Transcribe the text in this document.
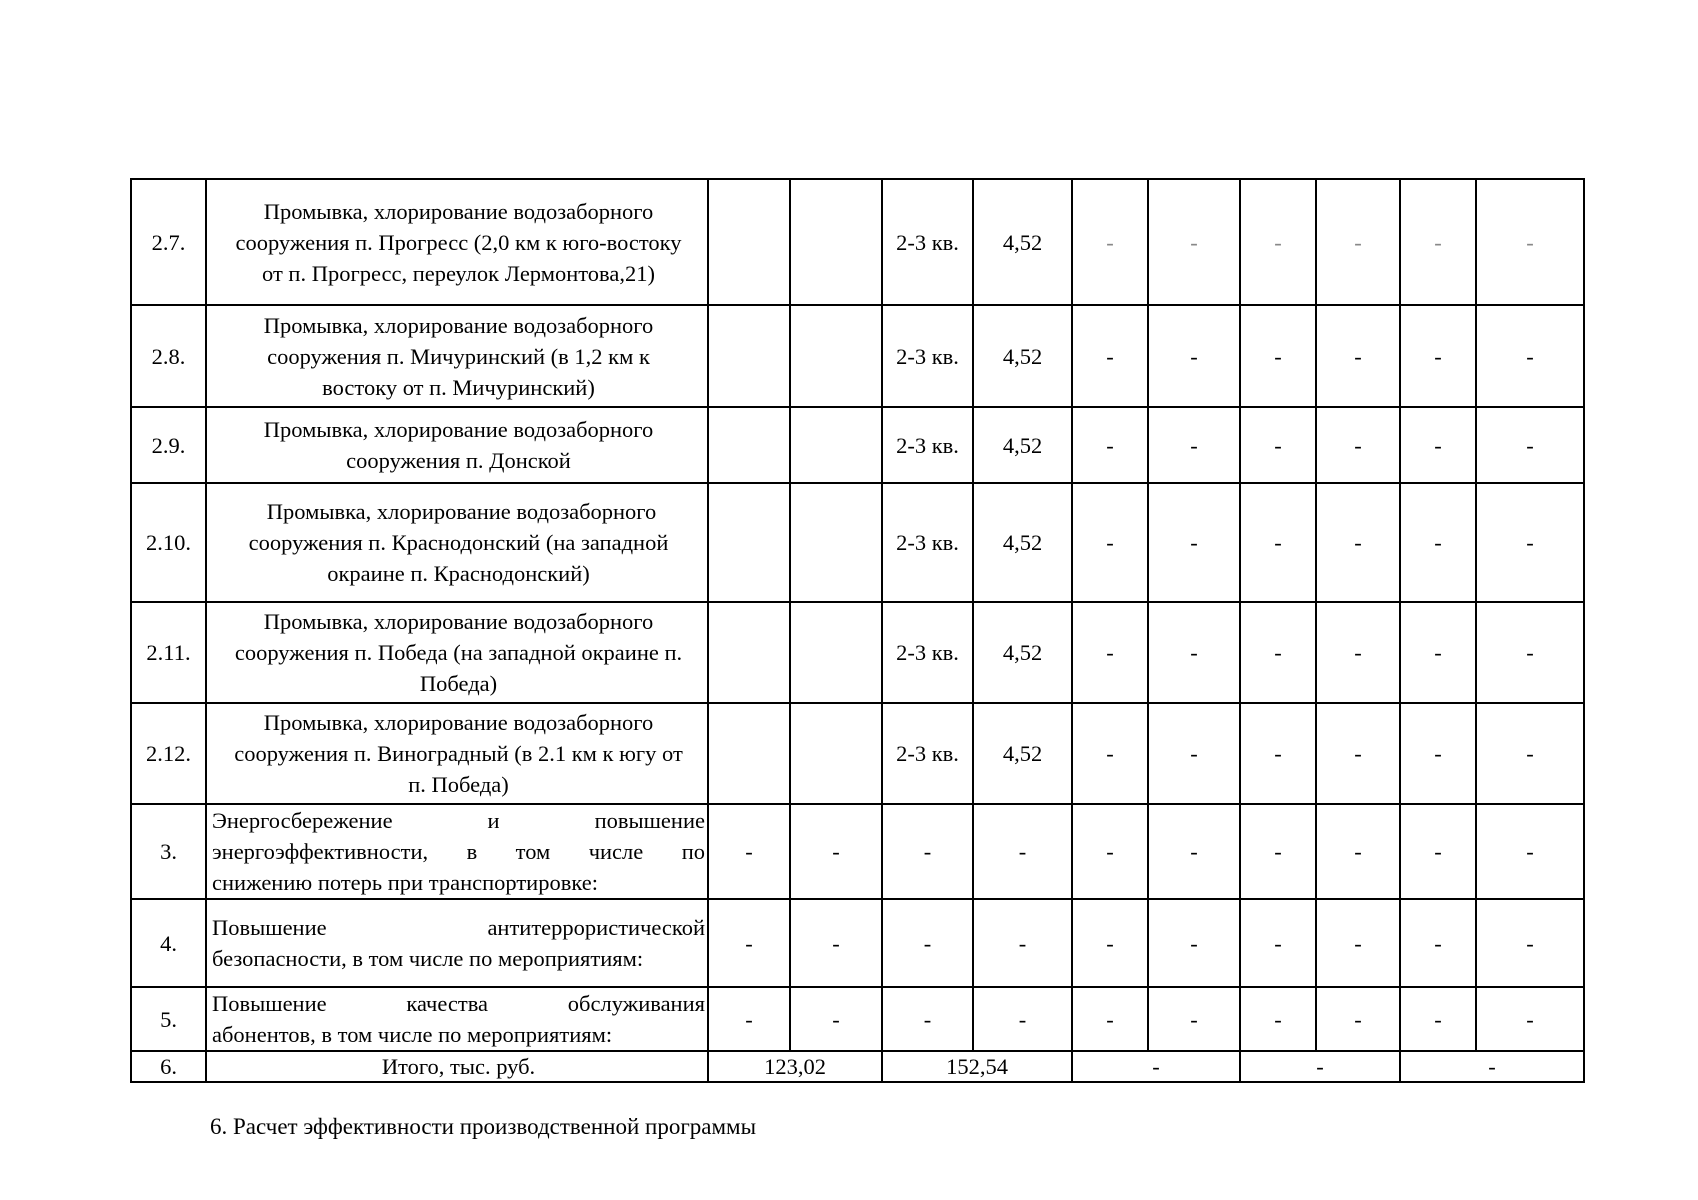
2.7.	Промывка, хлорирование водозаборного
сооружения п. Прогресс (2,0 км к юго-востоку
от п. Прогресс, переулок Лермонтова,21)			2-3 кв.	4,52	-	-	-	-	-	-
2.8.	Промывка, хлорирование водозаборного
сооружения п. Мичуринский (в 1,2 км к
востоку от п. Мичуринский)			2-3 кв.	4,52	-	-	-	-	-	-
2.9.	Промывка, хлорирование водозаборного
сооружения п. Донской			2-3 кв.	4,52	-	-	-	-	-	-
2.10.	Промывка, хлорирование водозаборного
сооружения п. Краснодонский (на западной
окраине п. Краснодонский)			2-3 кв.	4,52	-	-	-	-	-	-
2.11.	Промывка, хлорирование водозаборного
сооружения п. Победа (на западной окраине п.
Победа)			2-3 кв.	4,52	-	-	-	-	-	-
2.12.	Промывка, хлорирование водозаборного
сооружения п. Виноградный (в 2.1 км к югу от
п. Победа)			2-3 кв.	4,52	-	-	-	-	-	-
3.	Энергосбережение и повышение
энергоэффективности, в том числе по
снижению потерь при транспортировке:	-	-	-	-	-	-	-	-	-	-
4.	Повышение антитеррористической
безопасности, в том числе по мероприятиям:	-	-	-	-	-	-	-	-	-	-
5.	Повышение качества обслуживания
абонентов, в том числе по мероприятиям:	-	-	-	-	-	-	-	-	-	-
6.	Итого, тыс. руб.	123,02		152,54		-		-		-	
6. Расчет эффективности производственной программы
